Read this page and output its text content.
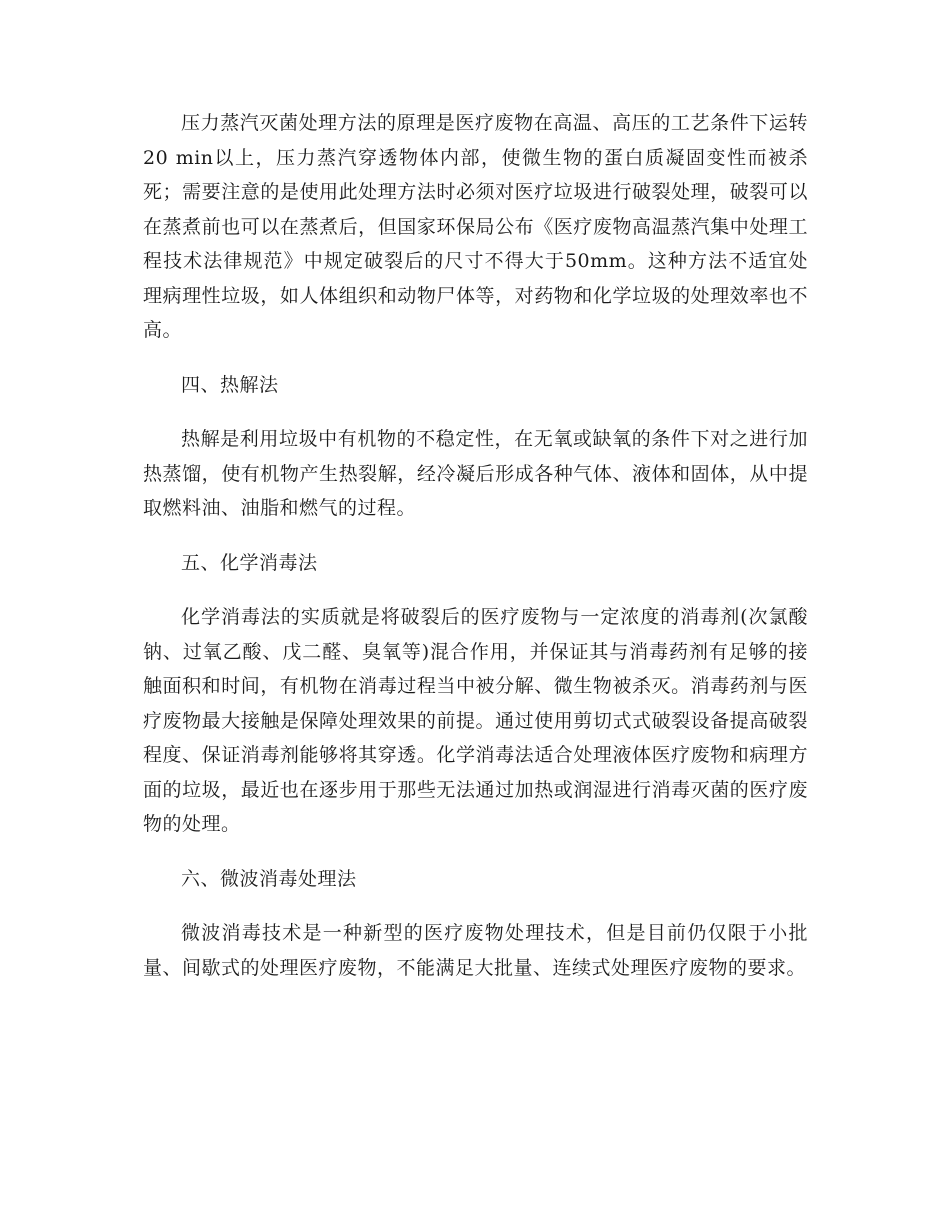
压力蒸汽灭菌处理方法的原理是医疗废物在高温、高压的工艺条件下运转20 min以上，压力蒸汽穿透物体内部，使微生物的蛋白质凝固变性而被杀死；需要注意的是使用此处理方法时必须对医疗垃圾进行破裂处理，破裂可以在蒸煮前也可以在蒸煮后，但国家环保局公布《医疗废物高温蒸汽集中处理工程技术法律规范》中规定破裂后的尺寸不得大于50mm。这种方法不适宜处理病理性垃圾，如人体组织和动物尸体等，对药物和化学垃圾的处理效率也不高。

四、热解法

热解是利用垃圾中有机物的不稳定性，在无氧或缺氧的条件下对之进行加热蒸馏，使有机物产生热裂解，经冷凝后形成各种气体、液体和固体，从中提取燃料油、油脂和燃气的过程。

五、化学消毒法

化学消毒法的实质就是将破裂后的医疗废物与一定浓度的消毒剂(次氯酸钠、过氧乙酸、戊二醛、臭氧等)混合作用，并保证其与消毒药剂有足够的接触面积和时间，有机物在消毒过程当中被分解、微生物被杀灭。消毒药剂与医疗废物最大接触是保障处理效果的前提。通过使用剪切式式破裂设备提高破裂程度、保证消毒剂能够将其穿透。化学消毒法适合处理液体医疗废物和病理方面的垃圾，最近也在逐步用于那些无法通过加热或润湿进行消毒灭菌的医疗废物的处理。

六、微波消毒处理法

微波消毒技术是一种新型的医疗废物处理技术，但是目前仍仅限于小批量、间歇式的处理医疗废物，不能满足大批量、连续式处理医疗废物的要求。
